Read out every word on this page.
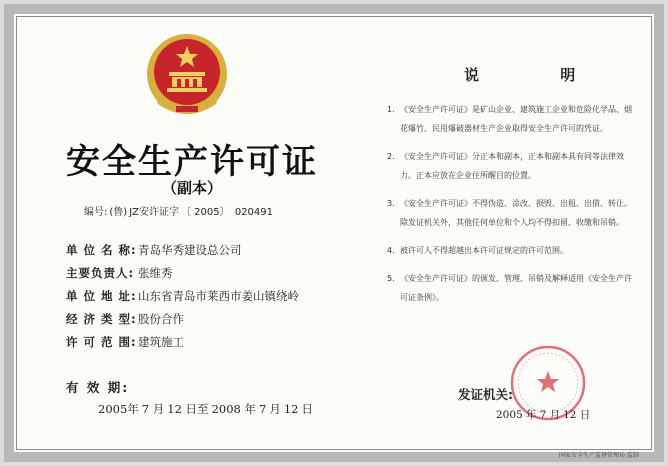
安全生产许可证
（副本）
编号: (鲁) JZ安许证字 〔 2005〕 020491
单 位 名 称:青岛华秀建设总公司
主要负责人: 张维秀
单 位 地 址:山东省青岛市莱西市姜山镇绕岭
经 济 类 型:股份合作
许 可 范 围:建筑施工
有 效 期:
2005年 7 月 12 日至 2008 年 7 月 12 日
说 明
1. 《安全生产许可证》是矿山企业、建筑施工企业和危险化学品、烟花爆竹、民用爆破器材生产企业取得安全生产许可的凭证。
2. 《安全生产许可证》分正本和副本，正本和副本具有同等法律效力。正本应放在企业住所醒目的位置。
3. 《安全生产许可证》不得伪造、涂改、损毁、出租、出借、转让。除发证机关外，其他任何单位和个人均不得扣留、收缴和吊销。
4. 被许可人不得超越出本许可证规定的许可范围。
5. 《安全生产许可证》的颁发、管理、吊销及解释适用《安全生产许可证条例》。
发证机关:
2005 年 7 月 12 日
国家安全生产监督管理局 监制
